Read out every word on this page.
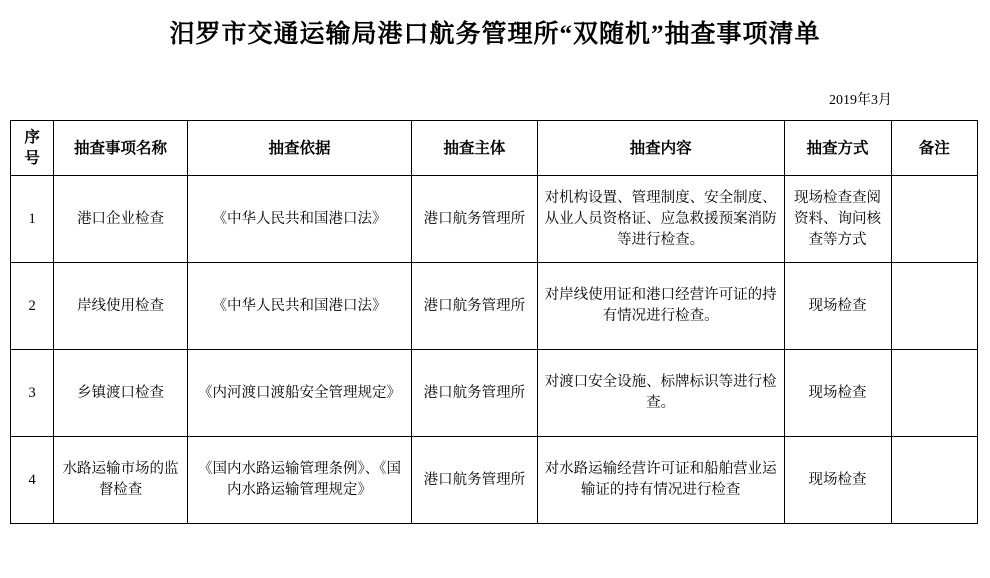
汨罗市交通运输局港口航务管理所“双随机”抽查事项清单
2019年3月
序号	抽查事项名称	抽查依据	抽查主体	抽查内容	抽查方式	备注
1	港口企业检查	《中华人民共和国港口法》	港口航务管理所	对机构设置、管理制度、安全制度、从业人员资格证、应急救援预案消防等进行检查。	现场检查查阅资料、询问核查等方式	
2	岸线使用检查	《中华人民共和国港口法》	港口航务管理所	对岸线使用证和港口经营许可证的持有情况进行检查。	现场检查	
3	乡镇渡口检查	《内河渡口渡船安全管理规定》	港口航务管理所	对渡口安全设施、标牌标识等进行检查。	现场检查	
4	水路运输市场的监督检查	《国内水路运输管理条例》、《国内水路运输管理规定》	港口航务管理所	对水路运输经营许可证和船舶营业运输证的持有情况进行检查	现场检查	
